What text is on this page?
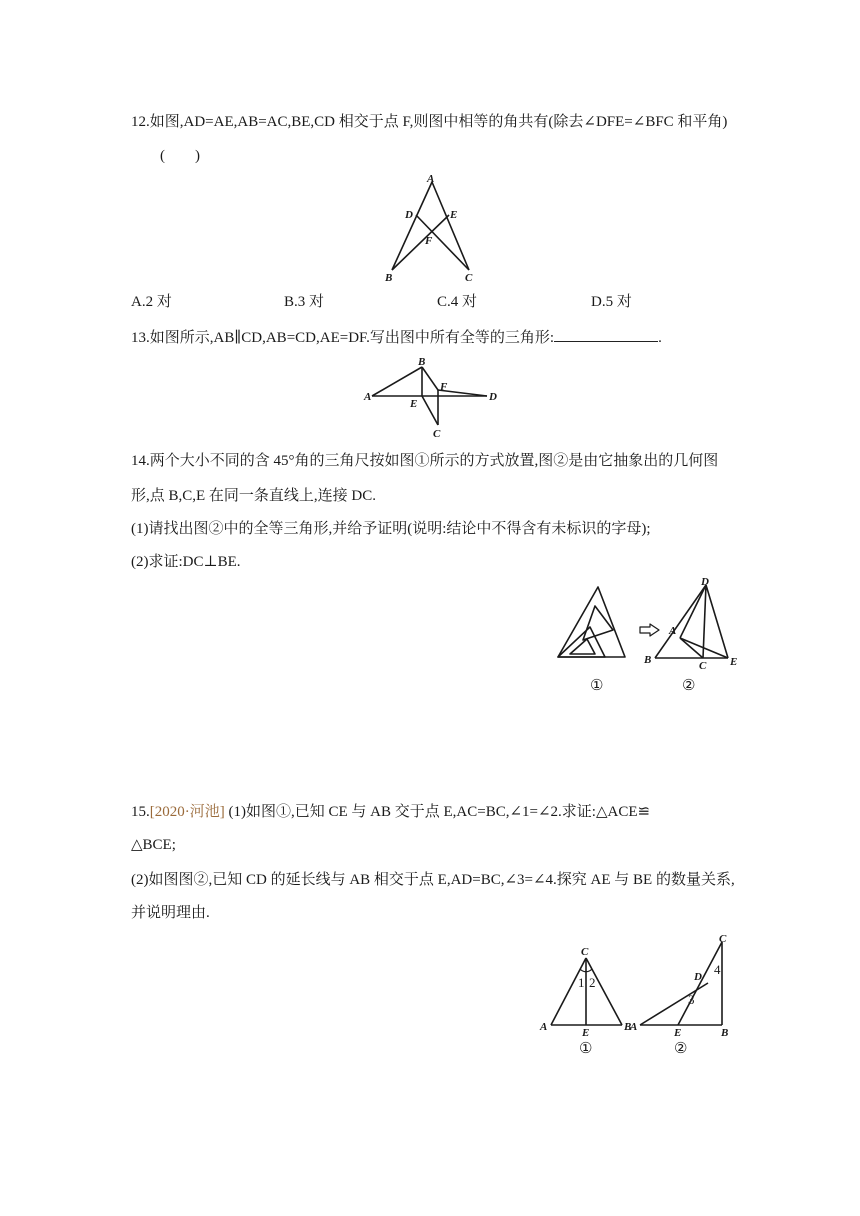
12.如图,AD=AE,AB=AC,BE,CD 相交于点 F,则图中相等的角共有(除去∠DFE=∠BFC 和平角)
(　　)
A
D	E
F
B	C
A.2 对	B.3 对	C.4 对	D.5 对
13.如图所示,AB∥CD,AB=CD,AE=DF.写出图中所有全等的三角形:	.
B
A
F
E
D
C
14.两个大小不同的含 45°角的三角尺按如图①所示的方式放置,图②是由它抽象出的几何图
形,点 B,C,E 在同一条直线上,连接 DC.
(1)请找出图②中的全等三角形,并给予证明(说明:结论中不得含有未标识的字母);
(2)求证:DC⊥BE.
①
D
A
B	C E
②
15.[2020·河池] (1)如图①,已知 CE 与 AB 交于点 E,AC=BC,∠1=∠2.求证:△ACE≌
△BCE;
(2)如图图②,已知 CD 的延长线与 AB 相交于点 E,AD=BC,∠3=∠4.探究 AE 与 BE 的数量关系,
并说明理由.
C
1 2
A	E	B
①
C
D 4
3
A	E	B
②
